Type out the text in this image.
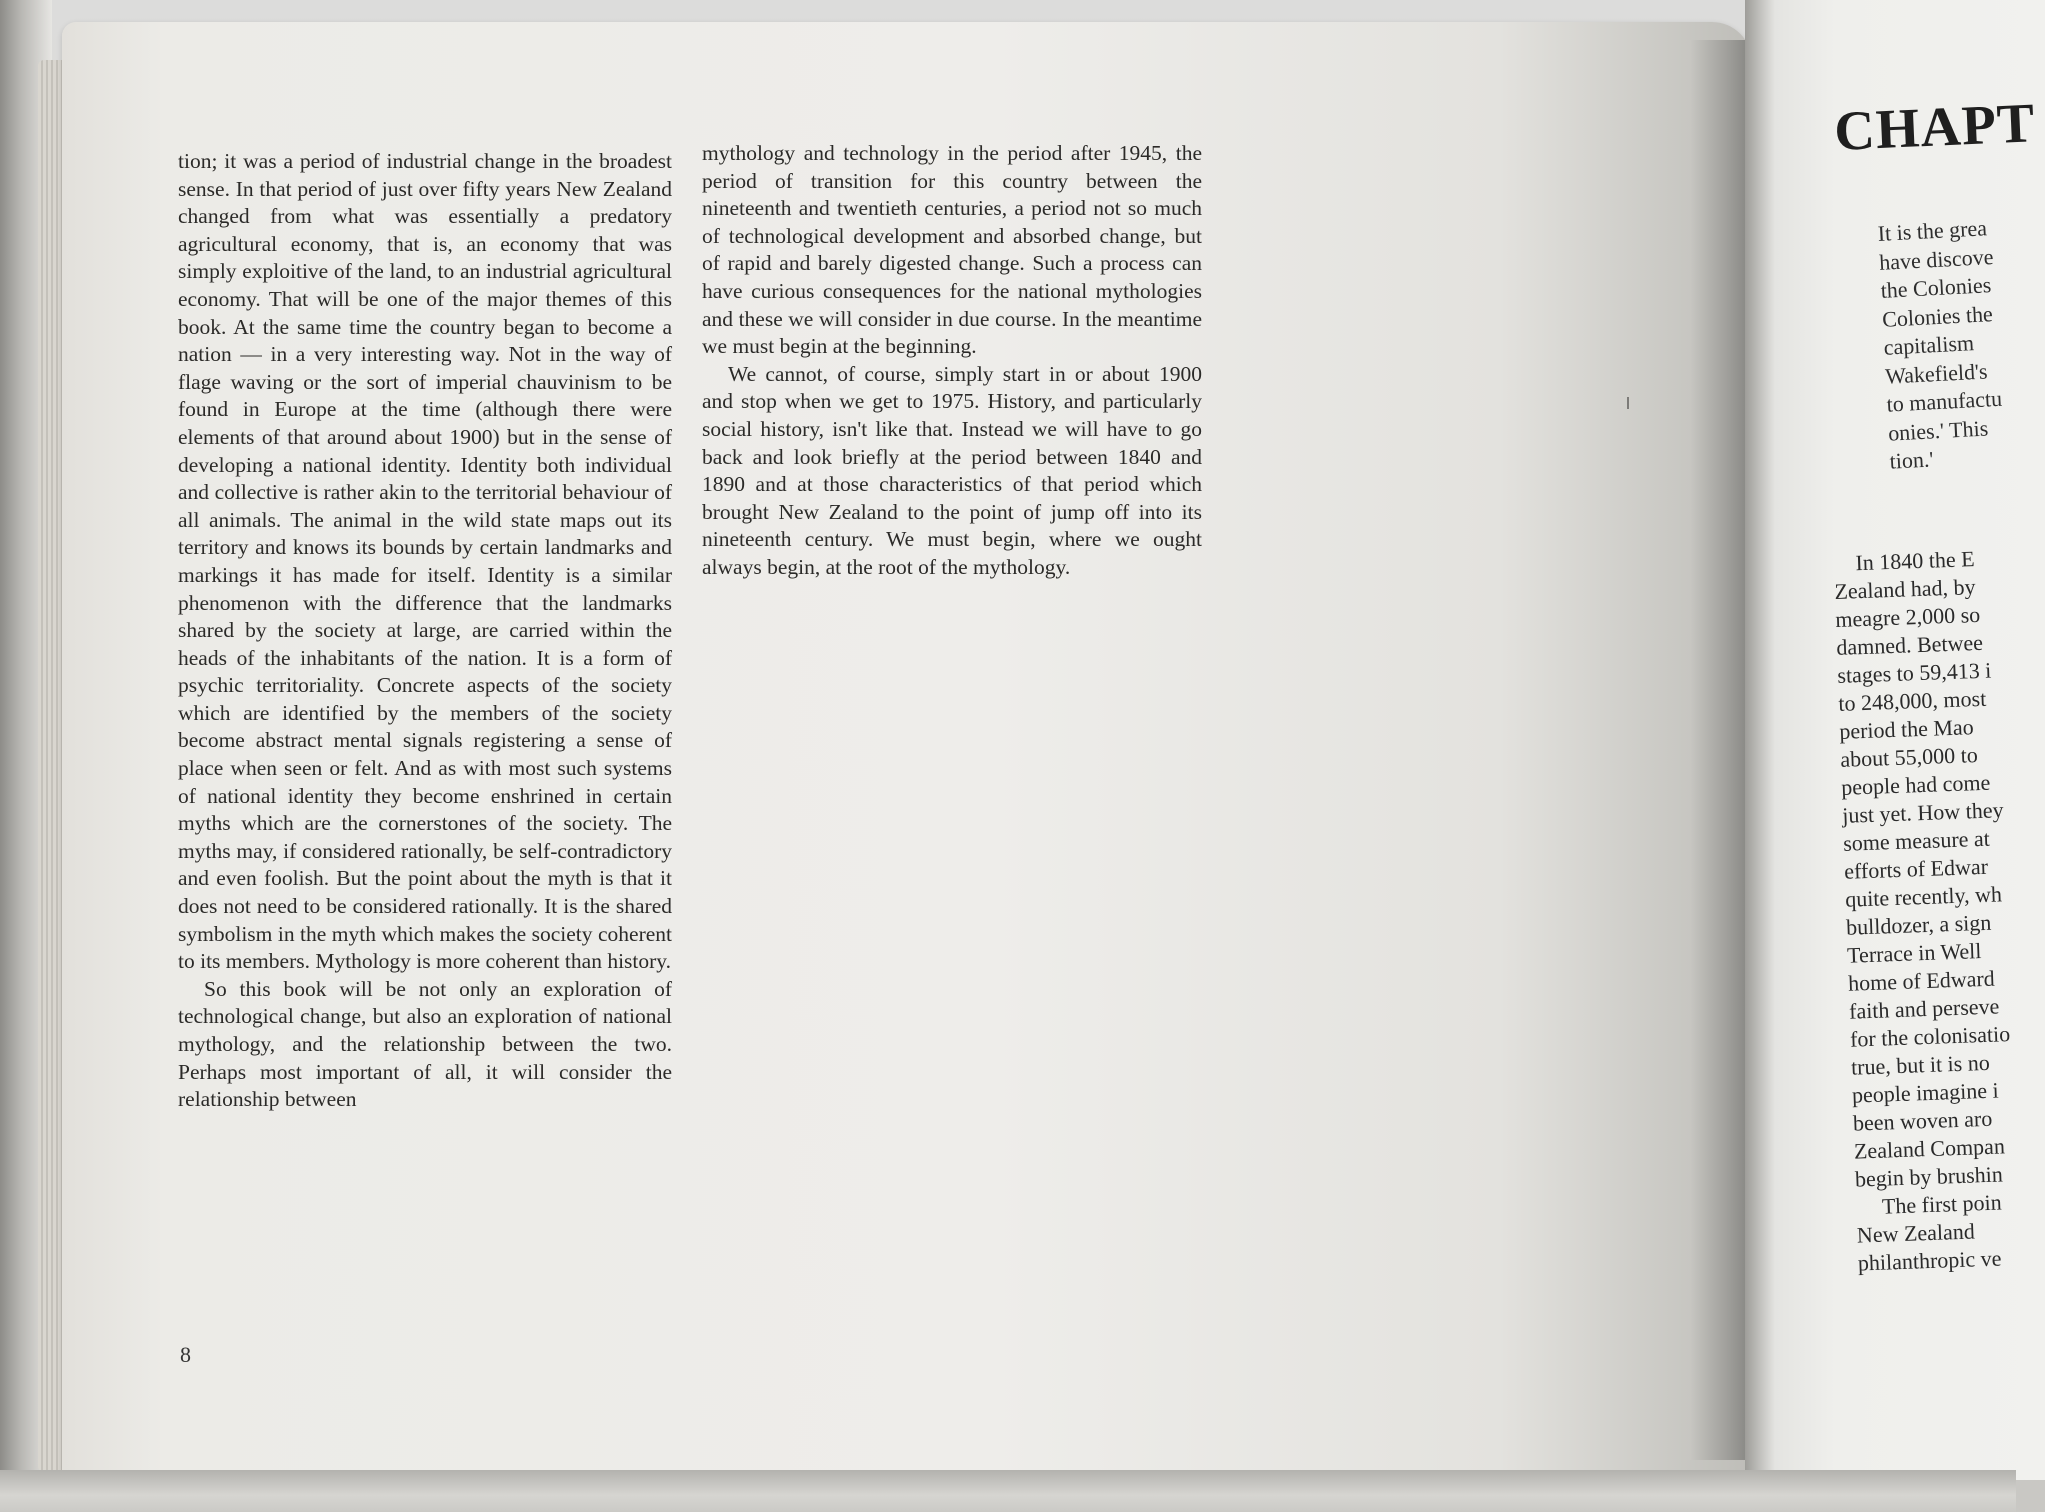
tion; it was a period of industrial change in the broadest sense. In that period of just over fifty years New Zealand changed from what was essentially a predatory agricultural economy, that is, an economy that was simply exploitive of the land, to an industrial agricultural economy. That will be one of the major themes of this book. At the same time the country began to become a nation — in a very interesting way. Not in the way of flage waving or the sort of imperial chauvinism to be found in Europe at the time (although there were elements of that around about 1900) but in the sense of developing a national identity. Identity both individual and collective is rather akin to the territorial behaviour of all animals. The animal in the wild state maps out its territory and knows its bounds by certain landmarks and markings it has made for itself. Identity is a similar phenomenon with the difference that the landmarks shared by the society at large, are carried within the heads of the inhabitants of the nation. It is a form of psychic territoriality. Concrete aspects of the society which are identified by the members of the society become abstract mental signals registering a sense of place when seen or felt. And as with most such systems of national identity they become enshrined in certain myths which are the cornerstones of the society. The myths may, if considered rationally, be self-contradictory and even foolish. But the point about the myth is that it does not need to be considered rationally. It is the shared symbolism in the myth which makes the society coherent to its members. Mythology is more coherent than history.

So this book will be not only an exploration of technological change, but also an exploration of national mythology, and the relationship between the two. Perhaps most important of all, it will consider the relationship between

mythology and technology in the period after 1945, the period of transition for this country between the nineteenth and twentieth centuries, a period not so much of technological development and absorbed change, but of rapid and barely digested change. Such a process can have curious consequences for the national mythologies and these we will consider in due course. In the meantime we must begin at the beginning.

We cannot, of course, simply start in or about 1900 and stop when we get to 1975. History, and particularly social history, isn't like that. Instead we will have to go back and look briefly at the period between 1840 and 1890 and at those characteristics of that period which brought New Zealand to the point of jump off into its nineteenth century. We must begin, where we ought always begin, at the root of the mythology.

8
CHAPT
It is the grea
have discove
the Colonies
Colonies the
capitalism
Wakefield's
to manufactu
onies.' This
tion.'
In 1840 the E
Zealand had, by
meagre 2,000 so
damned. Betwee
stages to 59,413 i
to 248,000, most
period the Mao
about 55,000 to
people had come
just yet. How they
some measure at
efforts of Edwar
quite recently, wh
bulldozer, a sign
Terrace in Well
home of Edward
faith and perseve
for the colonisatio
true, but it is no
people imagine i
been woven aro
Zealand Compan
begin by brushin
The first poin
New Zealand
philanthropic ve
